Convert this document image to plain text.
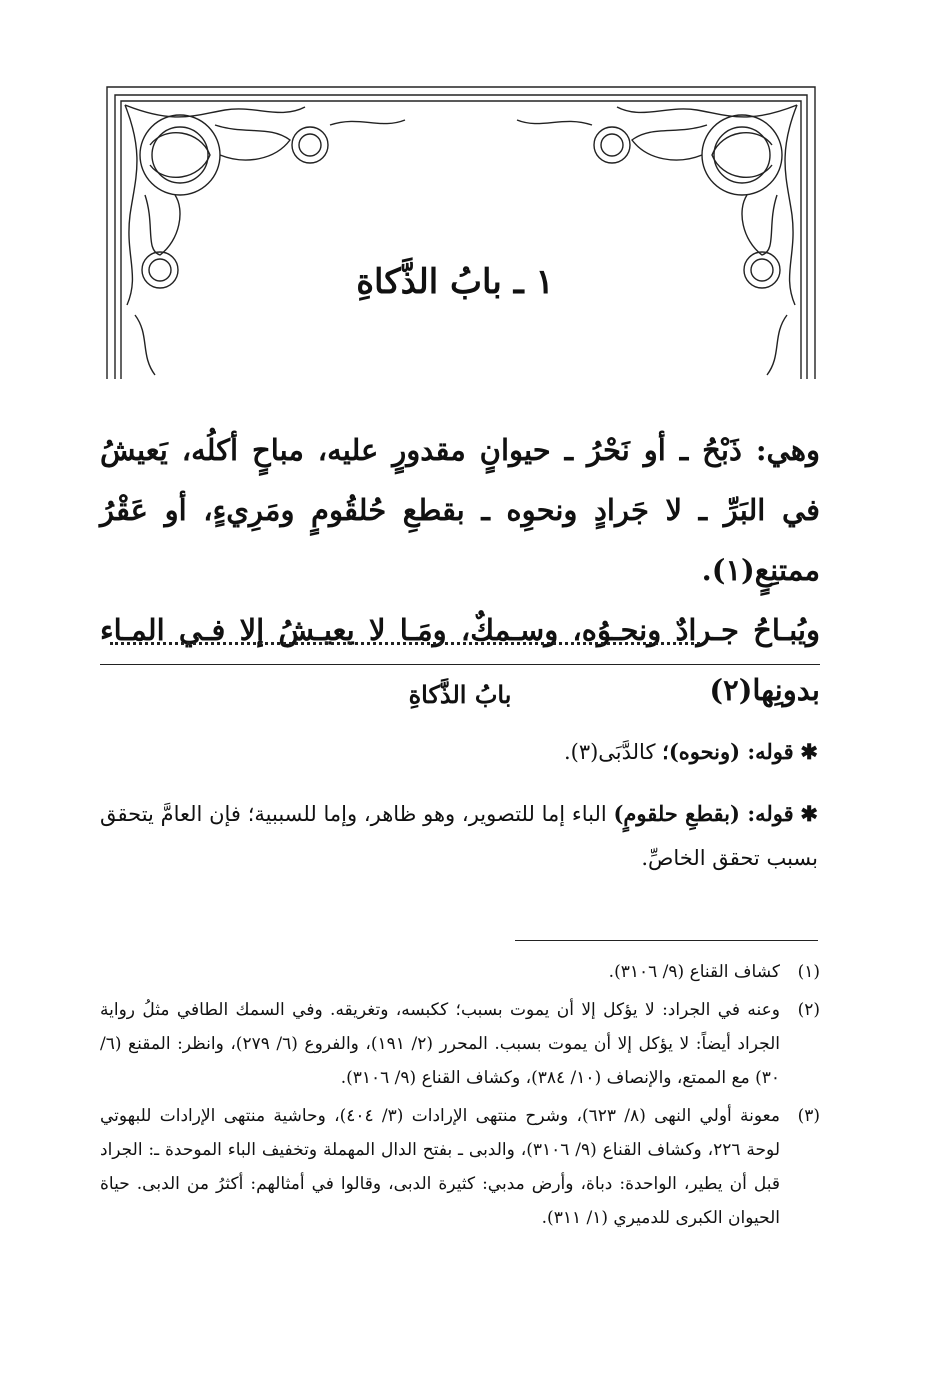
١ ـ بابُ الذَّكاةِ

وهي: ذَبْحُ ـ أو نَحْرُ ـ حيوانٍ مقدورٍ عليه، مباحٍ أكلُه، يَعيشُ في البَرِّ ـ لا جَرادٍ ونحوِه ـ بقطعِ حُلقُومٍ ومَرِيءٍ، أو عَقْرُ ممتنِعٍ(١).

ويُبـاحُ جـرادٌ ونحـوُه، وسـمكٌ، ومَـا لا يعيـشُ إلا فـي المـاء بدونِها(٢)

بابُ الذَّكاةِ

✱ قوله: (ونحوه)؛ كالدَّبَى(٣).

✱ قوله: (بقطعِ حلقومٍ) الباء إما للتصوير، وهو ظاهر، وإما للسببية؛ فإن العامَّ يتحقق بسبب تحقق الخاصِّ.

(١)
كشاف القناع (٩/ ٣١٠٦).
(٢)
وعنه في الجراد: لا يؤكل إلا أن يموت بسبب؛ ككبسه، وتغريقه. وفي السمك الطافي مثلُ رواية الجراد أيضاً: لا يؤكل إلا أن يموت بسبب. المحرر (٢/ ١٩١)، والفروع (٦/ ٢٧٩)، وانظر: المقنع (٦/ ٣٠) مع الممتع، والإنصاف (١٠/ ٣٨٤)، وكشاف القناع (٩/ ٣١٠٦).
(٣)
معونة أولي النهى (٨/ ٦٢٣)، وشرح منتهى الإرادات (٣/ ٤٠٤)، وحاشية منتهى الإرادات للبهوتي لوحة ٢٢٦، وكشاف القناع (٩/ ٣١٠٦)، والدبى ـ بفتح الدال المهملة وتخفيف الباء الموحدة ـ: الجراد قبل أن يطير، الواحدة: دباة، وأرض مدبي: كثيرة الدبى، وقالوا في أمثالهم: أكثرُ من الدبى. حياة الحيوان الكبرى للدميري (١/ ٣١١).
